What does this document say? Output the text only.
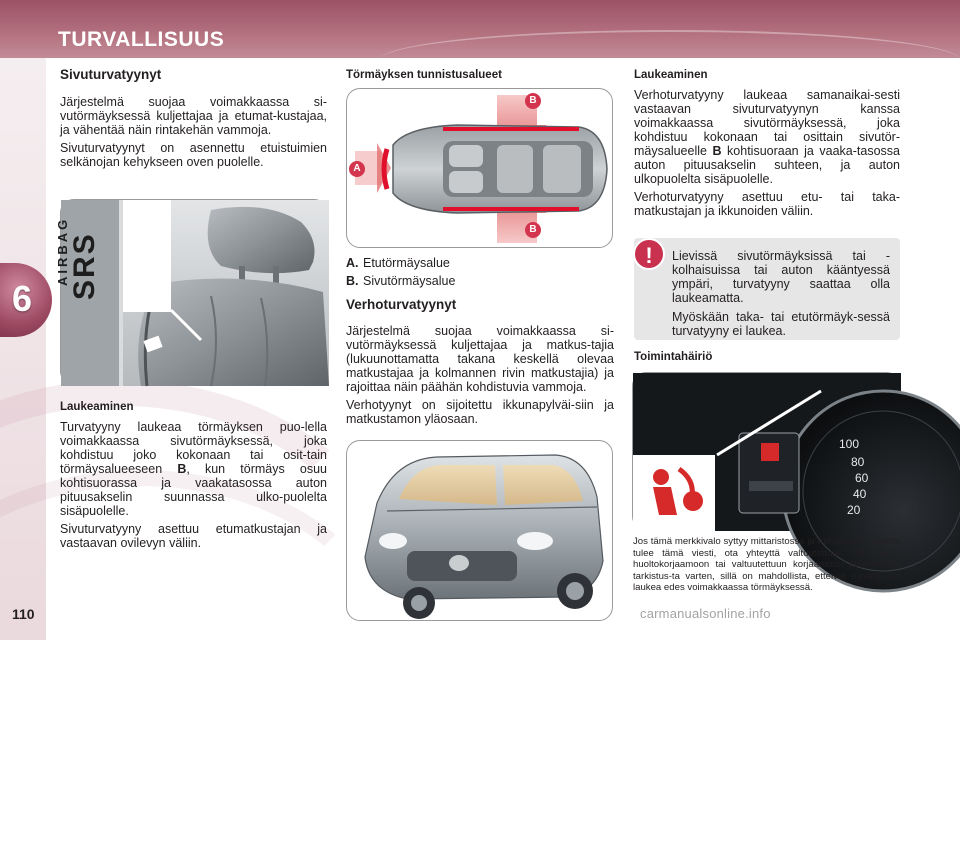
TURVALLISUUS
6
110
Sivuturvatyynyt

Järjestelmä suojaa voimakkaassa si-vutörmäyksessä kuljettajaa ja etumat-kustajaa, ja vähentää näin rintakehän vammoja.

Sivuturvatyynyt on asennettu etuistuimien selkänojan kehykseen oven puolelle.

SRS
AIRBAG
Laukeaminen

Turvatyyny laukeaa törmäyksen puo-lella voimakkaassa sivutörmäyksessä, joka kohdistuu joko kokonaan tai osit-tain törmäysalueeseen B, kun törmäys osuu kohtisuorassa ja vaakatasossa auton pituusakselin suunnassa ulko-puolelta sisäpuolelle.

Sivuturvatyyny asettuu etumatkustajan ja vastaavan ovilevyn väliin.

Törmäyksen tunnistusalueet
A
B
B
A. Etutörmäysalue
B. Sivutörmäysalue
Verhoturvatyynyt

Järjestelmä suojaa voimakkaassa si-vutörmäyksessä kuljettajaa ja matkus-tajia (lukuunottamatta takana keskellä olevaa matkustajaa ja kolmannen rivin matkustajia) ja rajoittaa näin päähän kohdistuvia vammoja.

Verhotyynyt on sijoitettu ikkunapylväi-siin ja matkustamon yläosaan.

Laukeaminen

Verhoturvatyyny laukeaa samanaikai-sesti vastaavan sivuturvatyynyn kanssa voimakkaassa sivutörmäyksessä, joka kohdistuu kokonaan tai osittain sivutör-mäysalueelle B kohtisuoraan ja vaaka-tasossa auton pituusakselin suhteen, ja auton ulkopuolelta sisäpuolelle.

Verhoturvatyyny asettuu etu- tai taka-matkustajan ja ikkunoiden väliin.

Lievissä sivutörmäyksissä tai -kolhaisuissa tai auton kääntyessä ympäri, turvatyyny saattaa olla laukeamatta.

Myöskään taka- tai etutörmäyk-sessä turvatyyny ei laukea.

!
Toimintahäiriö
100
80
60
40
20
Jos tämä merkkivalo syttyy mittaristossa ja mit-tariston näytölle tulee tämä viesti, ota yhteyttä valtuutettuun PEUGEOT-huoltokorjaamoon tai valtuutettuun korjaamoon järjestelmän tarkistus-ta varten, sillä on mahdollista, etteivät turvatyy-nyt laukea edes voimakkaassa törmäyksessä.
carmanualsonline.info
